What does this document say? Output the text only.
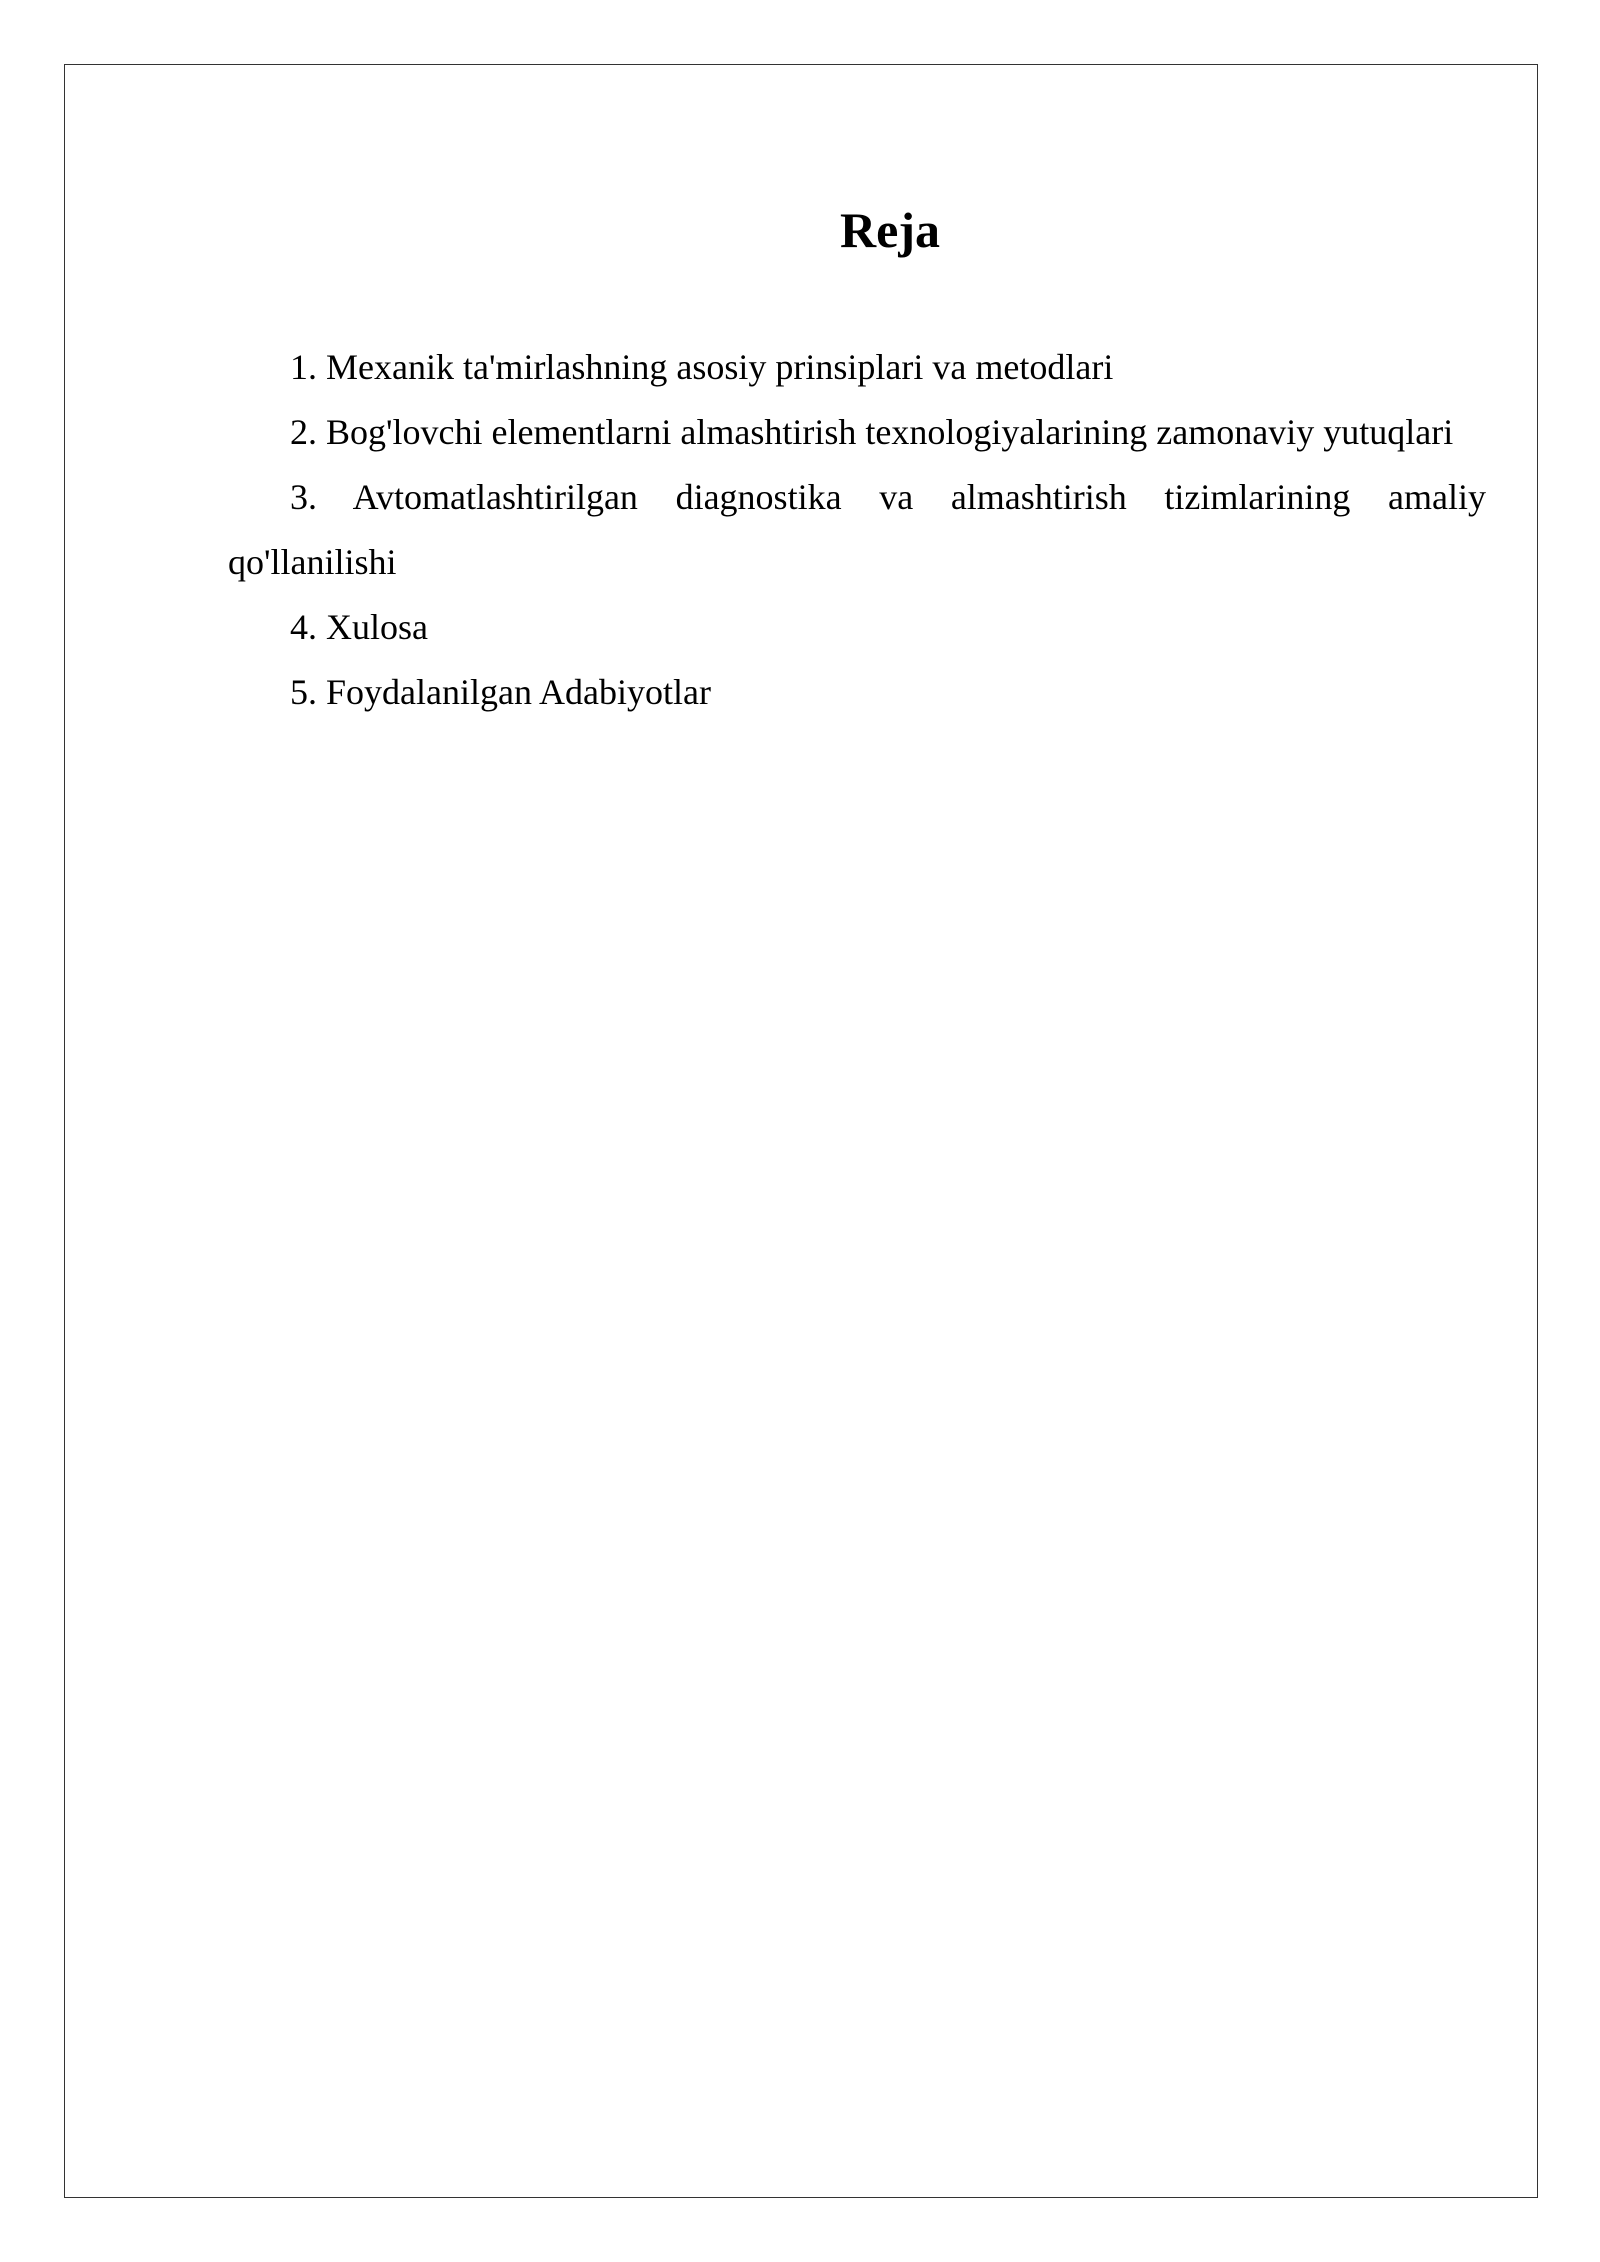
Reja
1. Mexanik ta'mirlashning asosiy prinsiplari va metodlari
2. Bog'lovchi elementlarni almashtirish texnologiyalarining zamonaviy yutuqlari
3. Avtomatlashtirilgan diagnostika va almashtirish tizimlarining amaliy qo'llanilishi
4. Xulosa
5. Foydalanilgan Adabiyotlar
